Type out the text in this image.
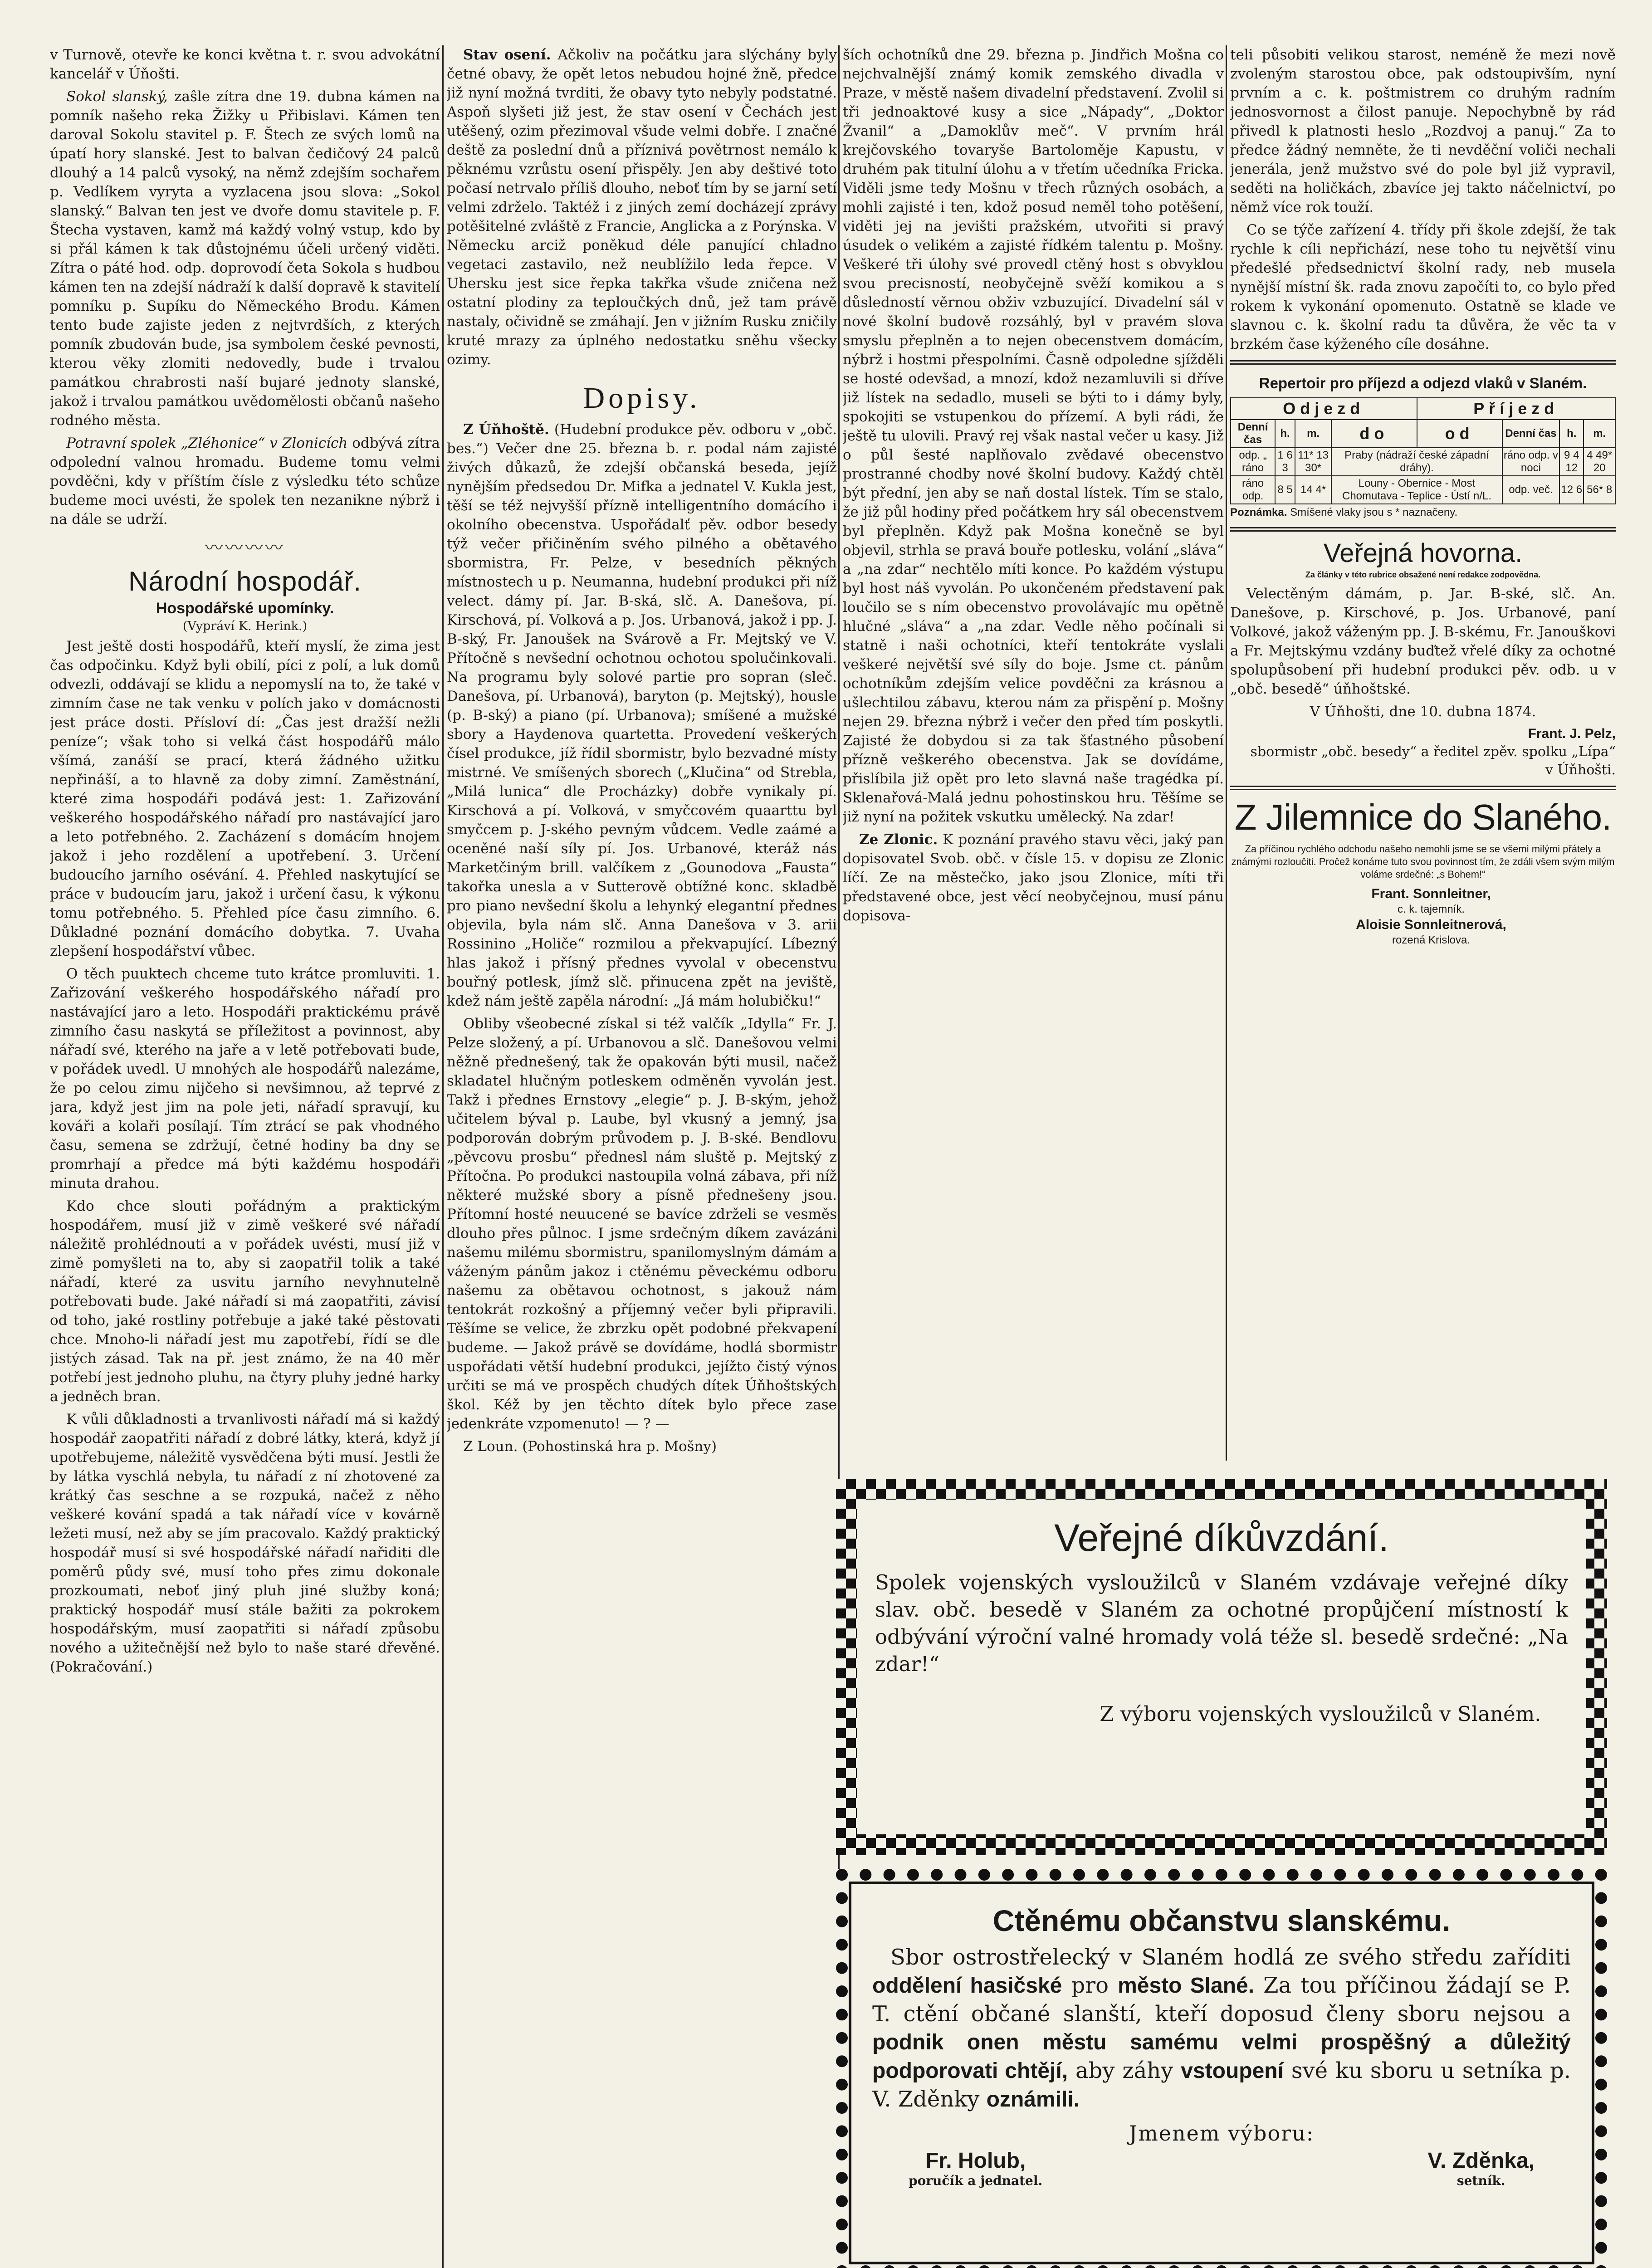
v Turnově, otevře ke konci května t. r. svou advokátní kancelář v Úňošti.

Sokol slanský, zaŝle zítra dne 19. dubna kámen na pomník našeho reka Žižky u Přibislavi. Kámen ten daroval Sokolu stavitel p. F. Štech ze svých lomů na úpatí hory slanské. Jest to balvan čedičový 24 palců dlouhý a 14 palců vysoký, na němž zdejším sochařem p. Vedlíkem vyryta a vyzlacena jsou slova: „Sokol slanský.“ Balvan ten jest ve dvoře domu stavitele p. F. Štecha vystaven, kamž má každý volný vstup, kdo by si přál kámen k tak důstojnému účeli určený viděti. Zítra o páté hod. odp. doprovodí četa Sokola s hudbou kámen ten na zdejší nádraží k další dopravě k stavitelí pomníku p. Supíku do Německého Brodu. Kámen tento bude zajiste jeden z nejtvrdších, z kterých pomník zbudován bude, jsa symbolem české pevnosti, kterou věky zlomiti nedovedly, bude i trvalou památkou chrabrosti naší bujaré jednoty slanské, jakož i trvalou památkou uvědomělosti občanů našeho rodného města.

Potravní spolek „Zléhonice“ v Zlonicích odbývá zítra odpolední valnou hromadu. Budeme tomu velmi povděčni, kdy v příštím čísle z výsledku této schůze budeme moci uvésti, že spolek ten nezanikne nýbrž i na dále se udrží.

〰〰〰〰
Národní hospodář.
Hospodářské upomínky.
(Vypráví K. Herink.)

Jest ještě dosti hospodářů, kteří myslí, že zima jest čas odpočinku. Když byli obilí, píci z polí, a luk domů odvezli, oddávají se klidu a nepomyslí na to, že také v zimním čase ne tak venku v polích jako v domácnosti jest práce dosti. Přísloví dí: „Čas jest dražší nežli peníze“; však toho si velká část hospodářů málo všímá, zanáší se prací, která žádného užitku nepřináší, a to hlavně za doby zimní. Zaměstnání, které zima hospodáři podává jest: 1. Zařizování veškerého hospodářského nářadí pro nastávající jaro a leto potřebného. 2. Zacházení s domácím hnojem jakož i jeho rozdělení a upotřebení. 3. Určení budoucího jarního osévání. 4. Přehled naskytující se práce v budoucím jaru, jakož i určení času, k výkonu tomu potřebného. 5. Přehled píce času zimního. 6. Důkladné poznání domácího dobytka. 7. Uvaha zlepšení hospodářství vůbec.

O těch puuktech chceme tuto krátce promluviti. 1. Zařizování veškerého hospodářského nářadí pro nastávající jaro a leto. Hospodáři praktickému právě zimního času naskytá se příležitost a povinnost, aby nářadí své, kterého na jaře a v letě potřebovati bude, v pořádek uvedl. U mnohých ale hospodářů nalezáme, že po celou zimu nijčeho si nevšimnou, až teprvé z jara, když jest jim na pole jeti, nářadí spravují, ku kováři a kolaři posílají. Tím ztrácí se pak vhodného času, semena se zdržují, četné hodiny ba dny se promrhají a předce má býti každému hospodáři minuta drahou.

Kdo chce slouti pořádným a praktickým hospodářem, musí již v zimě veškeré své nářadí náležitě prohlédnouti a v pořádek uvésti, musí již v zimě pomyšleti na to, aby si zaopatřil tolik a také nářadí, které za usvitu jarního nevyhnutelně potřebovati bude. Jaké nářadí si má zaopatřiti, závisí od toho, jaké rostliny potřebuje a jaké také pěstovati chce. Mnoho-li nářadí jest mu zapotřebí, řídí se dle jistých zásad. Tak na př. jest známo, že na 40 měr potřebí jest jednoho pluhu, na čtyry pluhy jedné harky a jedněch bran.

K vůli důkladnosti a trvanlivosti nářadí má si každý hospodář zaopatřiti nářadí z dobré látky, která, když jí upotřebujeme, náležitě vysvědčena býti musí. Jestli že by látka vyschlá nebyla, tu nářadí z ní zhotovené za krátký čas seschne a se rozpuká, načež z něho veškeré kování spadá a tak nářadí více v kovárně ležeti musí, než aby se jím pracovalo. Každý praktický hospodář musí si své hospodářské nářadí nařiditi dle poměrů půdy své, musí toho přes zimu dokonale prozkoumati, neboť jiný pluh jiné služby koná; praktický hospodář musí stále bažiti za pokrokem hospodářským, musí zaopatřiti si nářadí způsobu nového a užitečnější než bylo to naše staré dřevěné. (Pokračování.)

Stav osení. Ačkoliv na počátku jara slýchány byly četné obavy, že opět letos nebudou hojné žně, předce již nyní možná tvrditi, že obavy tyto nebyly podstatné. Aspoň slyšeti již jest, že stav osení v Čechách jest utěšený, ozim přezimoval všude velmi dobře. I značné deště za poslední dnů a příznivá povětrnost nemálo k pěknému vzrůstu osení přispěly. Jen aby deštivé toto počasí netrvalo příliš dlouho, neboť tím by se jarní setí velmi zdrželo. Taktéž i z jiných zemí docházejí zprávy potěšitelné zvláště z Francie, Anglicka a z Porýnska. V Německu arciž poněkud déle panující chladno vegetaci zastavilo, než neublížilo leda řepce. V Uhersku jest sice řepka takřka všude zničena než ostatní plodiny za teploučkých dnů, jež tam právě nastaly, očividně se zmáhají. Jen v jižním Rusku zničily kruté mrazy za úplného nedostatku sněhu všecky ozimy.

Dopisy.

Z Úňhoště. (Hudební produkce pěv. odboru v „obč. bes.“) Večer dne 25. března b. r. podal nám zajisté živých důkazů, že zdejší občanská beseda, jejíž nynějším předsedou Dr. Mifka a jednatel V. Kukla jest, těší se též nejvyšší přízně intelligentního domácího i okolního obecenstva. Uspořádalť pěv. odbor besedy týž večer přičiněním svého pilného a obětavého sbormistra, Fr. Pelze, v besedních pěkných místnostech u p. Neumanna, hudební produkci při níž velect. dámy pí. Jar. B-ská, slč. A. Danešova, pí. Kirschová, pí. Volková a p. Jos. Urbanová, jakož i pp. J. B-ský, Fr. Janoušek na Svárově a Fr. Mejtský ve V. Přítočně s nevšední ochotnou ochotou spolučinkovali. Na programu byly solové partie pro sopran (sleč. Danešova, pí. Urbanová), baryton (p. Mejtský), housle (p. B-ský) a piano (pí. Urbanova); smíšené a mužské sbory a Haydenova quartetta. Provedení veškerých čísel produkce, jíž řídil sbormistr, bylo bezvadné místy mistrné. Ve smíšených sborech („Klučina“ od Strebla, „Milá lunica“ dle Procházky) dobře vynikaly pí. Kirschová a pí. Volková, v smyčcovém quaarttu byl smyčcem p. J-ského pevným vůdcem. Vedle zaámé a oceněné naší síly pí. Jos. Urbanové, kteráž nás Marketčiným brill. valčíkem z „Gounodova „Fausta“ takořka unesla a v Sutterově obtížné konc. skladbě pro piano nevšední školu a lehynký elegantní přednes objevila, byla nám slč. Anna Danešova v 3. arii Rossinino „Holiče“ rozmilou a překvapující. Líbezný hlas jakož i přísný přednes vyvolal v obecenstvu bouřný potlesk, jímž slč. přinucena zpět na jeviště, kdež nám ještě zapěla národní: „Já mám holubičku!“

Obliby všeobecné získal si též valčík „Idylla“ Fr. J. Pelze složený, a pí. Urbanovou a slč. Danešovou velmi něžně přednešený, tak že opakován býti musil, načež skladatel hlučným potleskem odměněn vyvolán jest. Takž i přednes Ernstovy „elegie“ p. J. B-ským, jehož učitelem býval p. Laube, byl vkusný a jemný, jsa podporován dobrým průvodem p. J. B-ské. Bendlovu „pěvcovu prosbu“ přednesl nám sluště p. Mejtský z Přítočna. Po produkci nastoupila volná zábava, při níž některé mužské sbory a písně přednešeny jsou. Přítomní hosté neuucené se bavíce zdrželi se vesměs dlouho přes půlnoc. I jsme srdečným díkem zavázáni našemu milému sbormistru, spanilomyslným dámám a váženým pánům jakoz i ctěnému pěveckému odboru našemu za obětavou ochotnost, s jakouž nám tentokrát rozkošný a příjemný večer byli připravili. Těšíme se velice, že zbrzku opět podobné překvapení budeme. — Jakož právě se dovídáme, hodlá sbormistr uspořádati větší hudební produkci, jejížto čistý výnos určiti se má ve prospěch chudých dítek Úňhoštských škol. Kéž by jen těchto dítek bylo přece zase jedenkráte vzpomenuto! — ? —

Z Loun. (Pohostinská hra p. Mošny)

ších ochotníků dne 29. března p. Jindřich Mošna co nejchvalnější známý komik zemského divadla v Praze, v městě našem divadelní představení. Zvolil si tři jednoaktové kusy a sice „Nápady“, „Doktor Žvanil“ a „Damoklův meč“. V prvním hrál krejčovského tovaryše Bartoloměje Kapustu, v druhém pak titulní úlohu a v třetím učedníka Fricka. Viděli jsme tedy Mošnu v třech různých osobách, a mohli zajisté i ten, kdož posud neměl toho potěšení, viděti jej na jevišti pražském, utvořiti si pravý úsudek o velikém a zajisté řídkém talentu p. Mošny. Veškeré tři úlohy své provedl ctěný host s obvyklou svou precisností, neobyčejně svěží komikou a s důsledností věrnou obživ vzbuzující. Divadelní sál v nové školní budově rozsáhlý, byl v pravém slova smyslu přeplněn a to nejen obecenstvem domácím, nýbrž i hostmi přespolními. Časně odpoledne sjížděli se hosté odevšad, a mnozí, kdož nezamluvili si dříve již lístek na sedadlo, museli se býti to i dámy byly, spokojiti se vstupenkou do přízemí. A byli rádi, že ještě tu ulovili. Pravý rej však nastal večer u kasy. Již o půl šesté naplňovalo zvědavé obecenstvo prostranné chodby nové školní budovy. Každý chtěl být přední, jen aby se naň dostal lístek. Tím se stalo, že již půl hodiny před počátkem hry sál obecenstvem byl přeplněn. Když pak Mošna konečně se byl objevil, strhla se pravá bouře potlesku, volání „sláva“ a „na zdar“ nechtělo míti konce. Po každém výstupu byl host náš vyvolán. Po ukončeném představení pak loučilo se s ním obecenstvo provolávajíc mu opětně hlučné „sláva“ a „na zdar. Vedle něho počínali si statně i naši ochotníci, kteří tentokráte vyslali veškeré největší své síly do boje. Jsme ct. pánům ochotníkům zdejším velice povděčni za krásnou a ušlechtilou zábavu, kterou nám za přispění p. Mošny nejen 29. března nýbrž i večer den před tím poskytli. Zajisté že dobydou si za tak šťastného působení přízně veškerého obecenstva. Jak se dovídáme, přislíbila již opět pro leto slavná naše tragédka pí. Sklenařová-Malá jednu pohostinskou hru. Těšíme se již nyní na požitek vskutku umělecký. Na zdar!

Ze Zlonic. K poznání pravého stavu věci, jaký pan dopisovatel Svob. obč. v čísle 15. v dopisu ze Zlonic líčí. Ze na městečko, jako jsou Zlonice, míti tři představené obce, jest věcí neobyčejnou, musí pánu dopisova-

teli působiti velikou starost, neméně že mezi nově zvoleným starostou obce, pak odstoupivším, nyní prvním a c. k. poštmistrem co druhým radním jednosvornost a čilost panuje. Nepochybně by rád přivedl k platnosti heslo „Rozdvoj a panuj.“ Za to předce žádný nemněte, že ti nevděční voliči nechali jenerála, jenž mužstvo své do pole byl již vypravil, seděti na holičkách, zbavíce jej takto náčelnictví, po němž více rok touží.

Co se týče zařízení 4. třídy při škole zdejší, že tak rychle k cíli nepřichází, nese toho tu největší vinu předešlé předsednictví školní rady, neb musela nynější místní šk. rada znovu započíti to, co bylo před rokem k vykonání opomenuto. Ostatně se klade ve slavnou c. k. školní radu ta důvěra, že věc ta v brzkém čase kýženého cíle dosáhne.

Repertoir pro příjezd a odjezd vlaků v Slaném.
Odjezd				Příjezd			
Denní čas	h.	m.	do	od	Denní čas	h.	m.
odp. „ ráno	1 6 3	11* 13 30*	Praby (nádraží české západní dráhy).		ráno odp. v noci	9 4 12	4 49* 20
ráno odp.	8 5	14 4*	Louny - Obernice - Most Chomutava - Teplice - Ústí n/L.		odp. več.	12 6	56* 8
Poznámka. Smíšené vlaky jsou s * naznačeny.
Veřejná hovorna.
Za články v této rubrice obsažené není redakce zodpovědna.

Velectěným dámám, p. Jar. B-ské, slč. An. Danešove, p. Kirschové, p. Jos. Urbanové, paní Volkové, jakož váženým pp. J. B-skému, Fr. Janouškovi a Fr. Mejtskýmu vzdány buďtež vřelé díky za ochotné spolupůsobení při hudební produkci pěv. odb. u v „obč. besedě“ úňhoštské.

V Úňhošti, dne 10. dubna 1874.

Frant. J. Pelz,

sbormistr „obč. besedy“ a ředitel zpěv. spolku „Lípa“ v Úňhošti.

Z Jilemnice do Slaného.
Za příčinou rychlého odchodu našeho nemohli jsme se se všemi milými přátely a známými rozloučiti. Pročež konáme tuto svou povinnost tím, že zdáli všem svým milým voláme srdečné: „s Bohem!“

Frant. Sonnleitner,

c. k. tajemník.

Aloisie Sonnleitnerová,

rozená Krislova.

Veřejné díkůvzdání.

Spolek vojenských vysloužilců v Slaném vzdávaje veřejné díky slav. obč. besedě v Slaném za ochotné propůjčení místností k odbývání výroční valné hromady volá téže sl. besedě srdečné: „Na zdar!“

Z výboru vojenských vysloužilců v Slaném.

Ctěnému občanstvu slanskému.

Sbor ostrostřelecký v Slaném hodlá ze svého středu zaříditi oddělení hasičské pro město Slané. Za tou příčinou žádají se P. T. ctění občané slanští, kteří doposud členy sboru nejsou a podnik onen městu samému velmi prospěšný a důležitý podporovati chtějí, aby záhy vstoupení své ku sboru u setníka p. V. Zděnky oznámili.

Jmenem výboru:
Fr. Holub,
poručík a jednatel.
V. Zděnka,
setník.
